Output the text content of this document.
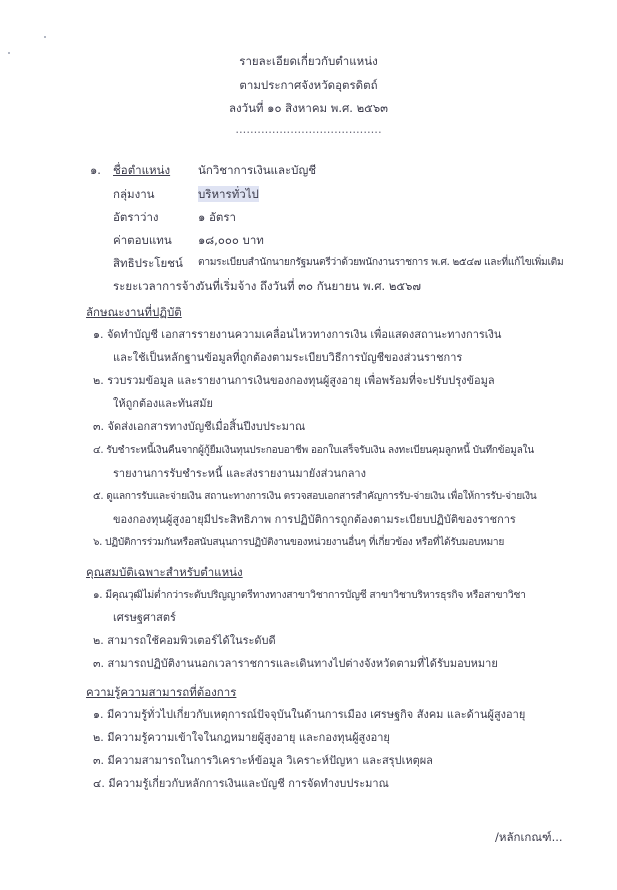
รายละเอียดเกี่ยวกับตำแหน่ง
ตามประกาศจังหวัดอุตรดิตถ์
ลงวันที่ ๑๐ สิงหาคม พ.ศ. ๒๕๖๓
........................................
๑. ชื่อตำแหน่ง นักวิชาการเงินและบัญชี
กลุ่มงาน	บริหารทั่วไป
อัตราว่าง	๑ อัตรา
ค่าตอบแทน ๑๘,๐๐๐ บาท
สิทธิประโยชน์ ตามระเบียบสำนักนายกรัฐมนตรีว่าด้วยพนักงานราชการ พ.ศ. ๒๕๔๗ และที่แก้ไขเพิ่มเติม
ระยะเวลาการจ้าง
วันที่เริ่มจ้าง ถึงวันที่ ๓๐ กันยายน พ.ศ. ๒๕๖๗
ลักษณะงานที่ปฏิบัติ
๑. จัดทำบัญชี เอกสารรายงานความเคลื่อนไหวทางการเงิน เพื่อแสดงสถานะทางการเงิน
และใช้เป็นหลักฐานข้อมูลที่ถูกต้องตามระเบียบวิธีการบัญชีของส่วนราชการ
๒. รวบรวมข้อมูล และรายงานการเงินของกองทุนผู้สูงอายุ เพื่อพร้อมที่จะปรับปรุงข้อมูล
ให้ถูกต้องและทันสมัย
๓. จัดส่งเอกสารทางบัญชีเมื่อสิ้นปีงบประมาณ
๔. รับชำระหนี้เงินคืนจากผู้กู้ยืมเงินทุนประกอบอาชีพ ออกใบเสร็จรับเงิน ลงทะเบียนคุมลูกหนี้ บันทึกข้อมูลใน
รายงานการรับชำระหนี้ และส่งรายงานมายังส่วนกลาง
๕. ดูแลการรับและจ่ายเงิน สถานะทางการเงิน ตรวจสอบเอกสารสำคัญการรับ-จ่ายเงิน เพื่อให้การรับ-จ่ายเงิน
ของกองทุนผู้สูงอายุมีประสิทธิภาพ การปฏิบัติการถูกต้องตามระเบียบปฏิบัติของราชการ
๖. ปฏิบัติการร่วมกันหรือสนับสนุนการปฏิบัติงานของหน่วยงานอื่นๆ ที่เกี่ยวข้อง หรือที่ได้รับมอบหมาย
คุณสมบัติเฉพาะสำหรับตำแหน่ง
๑. มีคุณวุฒิไม่ต่ำกว่าระดับปริญญาตรีทางทางสาขาวิชาการบัญชี สาขาวิชาบริหารธุรกิจ หรือสาขาวิชา
เศรษฐศาสตร์
๒. สามารถใช้คอมพิวเตอร์ได้ในระดับดี
๓. สามารถปฏิบัติงานนอกเวลาราชการและเดินทางไปต่างจังหวัดตามที่ได้รับมอบหมาย
ความรู้ความสามารถที่ต้องการ
๑. มีความรู้ทั่วไปเกี่ยวกับเหตุการณ์ปัจจุบันในด้านการเมือง เศรษฐกิจ สังคม และด้านผู้สูงอายุ
๒. มีความรู้ความเข้าใจในกฎหมายผู้สูงอายุ และกองทุนผู้สูงอายุ
๓. มีความสามารถในการวิเคราะห์ข้อมูล วิเคราะห์ปัญหา และสรุปเหตุผล
๔. มีความรู้เกี่ยวกับหลักการเงินและบัญชี การจัดทำงบประมาณ
/หลักเกณฑ์...
